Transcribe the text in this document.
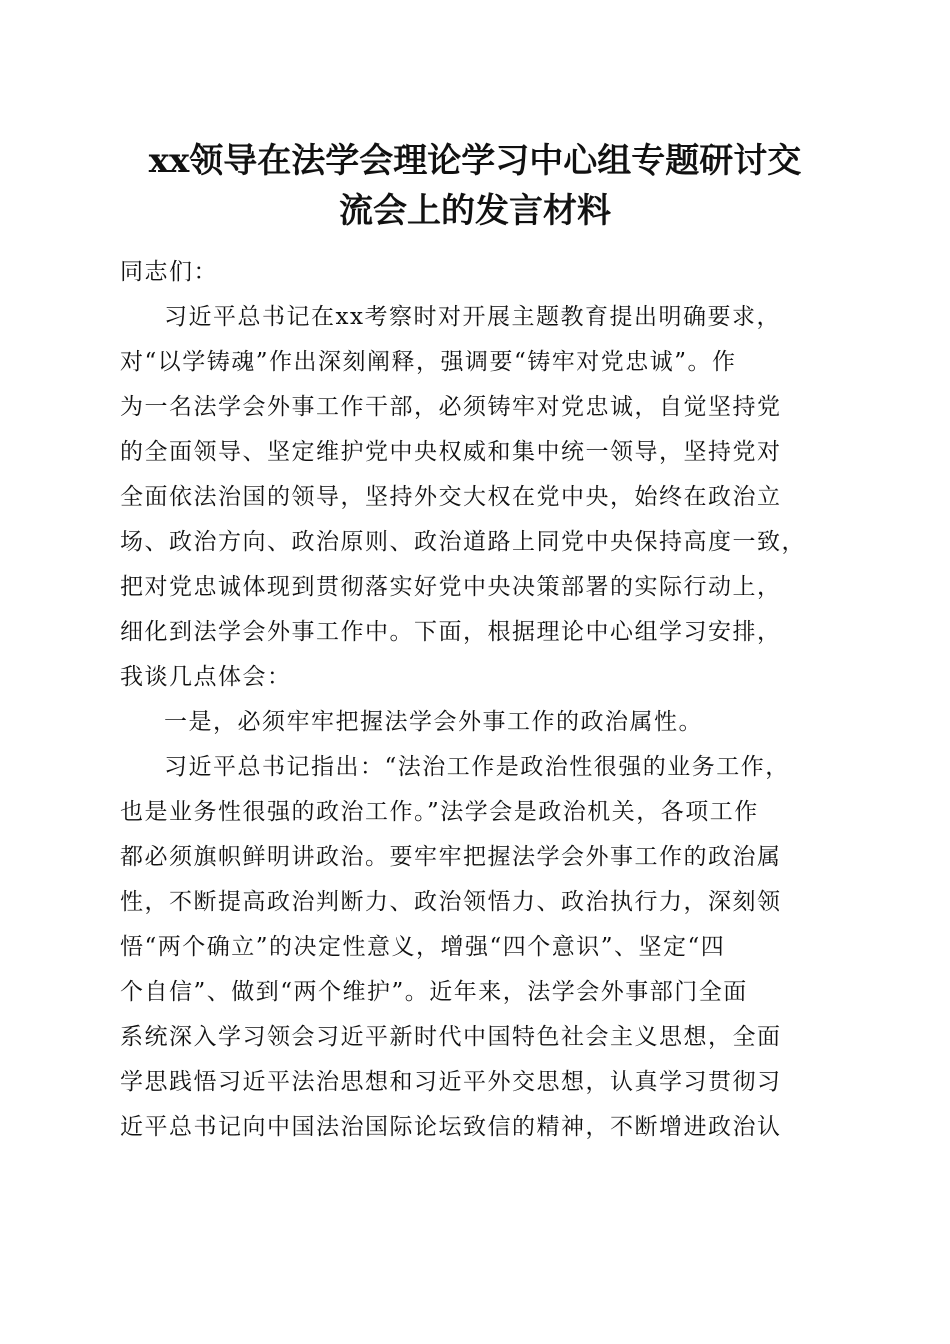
xx领导在法学会理论学习中心组专题研讨交
流会上的发言材料
同志们：
习近平总书记在xx考察时对开展主题教育提出明确要求，
对“以学铸魂”作出深刻阐释，强调要“铸牢对党忠诚”。作
为一名法学会外事工作干部，必须铸牢对党忠诚，自觉坚持党
的全面领导、坚定维护党中央权威和集中统一领导，坚持党对
全面依法治国的领导，坚持外交大权在党中央，始终在政治立
场、政治方向、政治原则、政治道路上同党中央保持高度一致，
把对党忠诚体现到贯彻落实好党中央决策部署的实际行动上，
细化到法学会外事工作中。下面，根据理论中心组学习安排，
我谈几点体会：
一是，必须牢牢把握法学会外事工作的政治属性。
习近平总书记指出：“法治工作是政治性很强的业务工作，
也是业务性很强的政治工作。”法学会是政治机关，各项工作
都必须旗帜鲜明讲政治。要牢牢把握法学会外事工作的政治属
性，不断提高政治判断力、政治领悟力、政治执行力，深刻领
悟“两个确立”的决定性意义，增强“四个意识”、坚定“四
个自信”、做到“两个维护”。近年来，法学会外事部门全面
系统深入学习领会习近平新时代中国特色社会主义思想，全面
学思践悟习近平法治思想和习近平外交思想，认真学习贯彻习
近平总书记向中国法治国际论坛致信的精神，不断增进政治认
